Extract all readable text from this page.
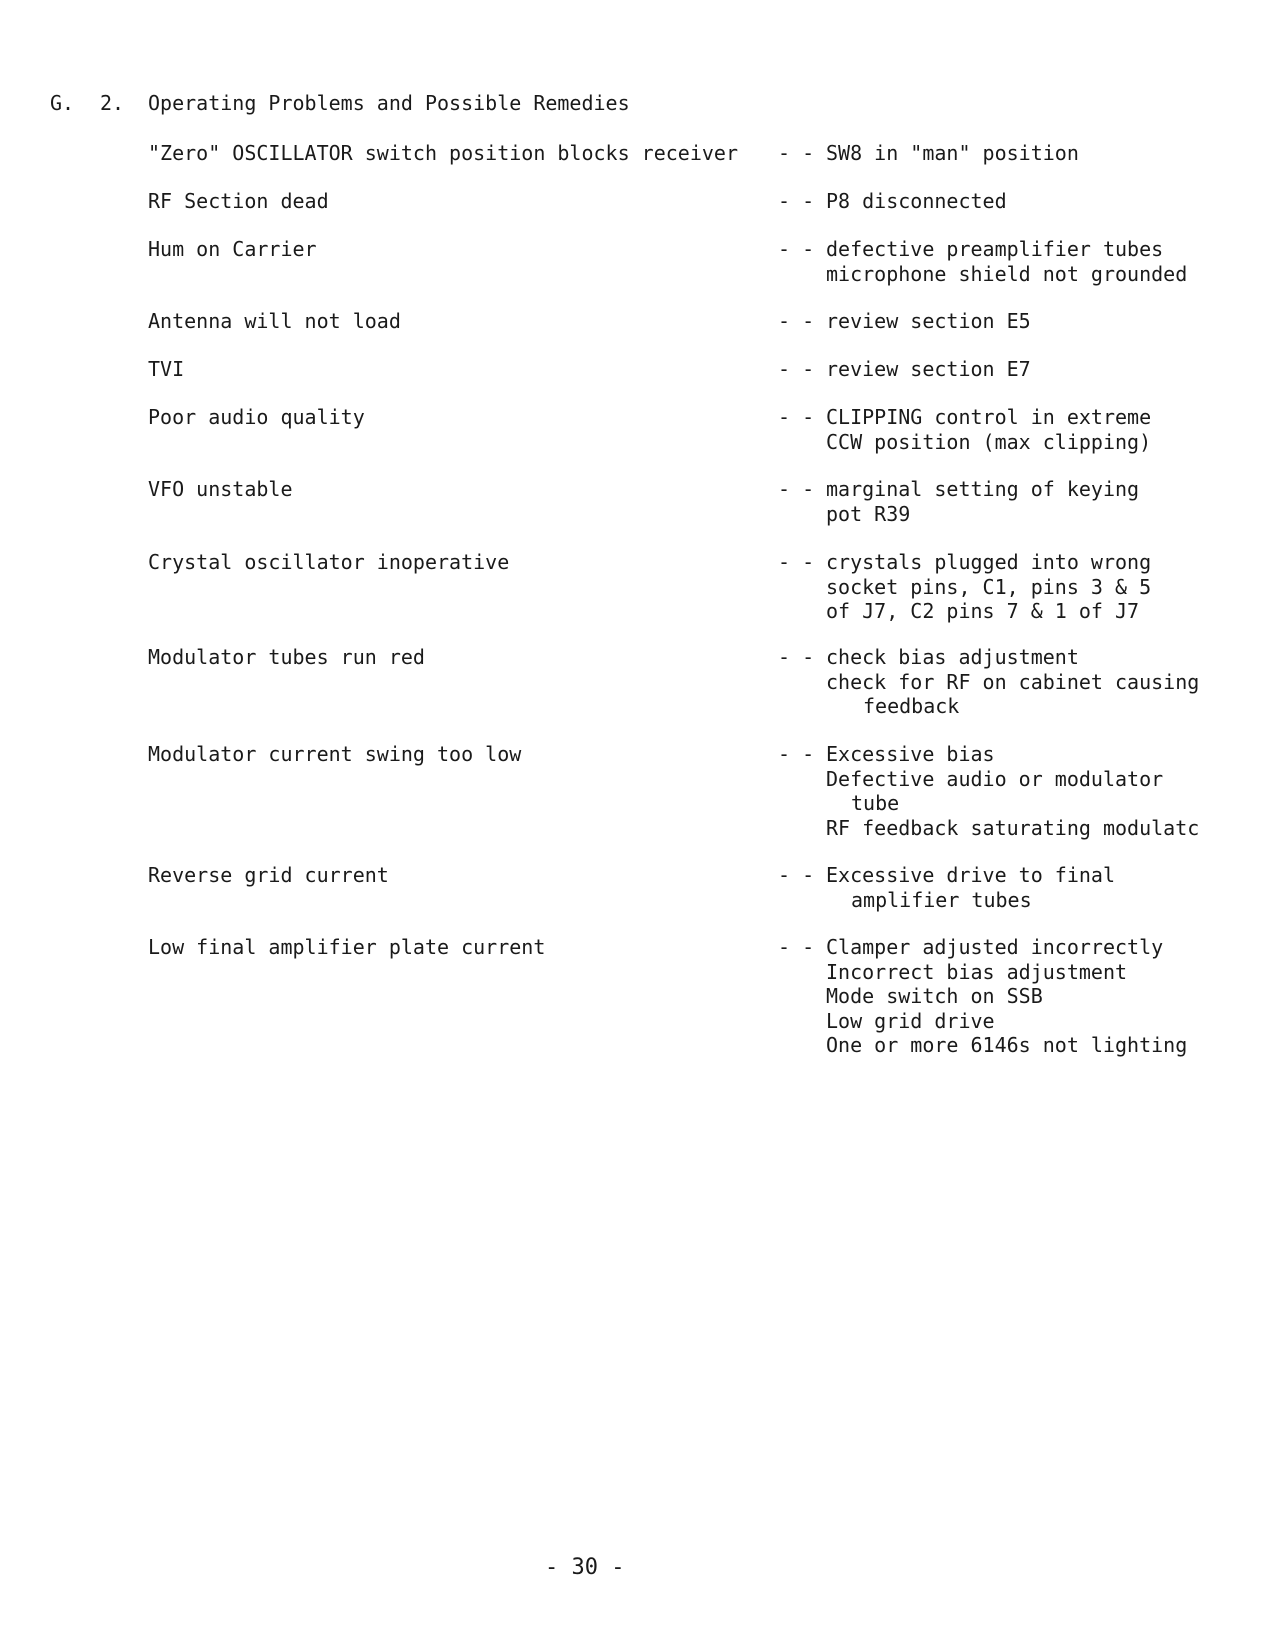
G. 2. Operating Problems and Possible Remedies
"Zero" OSCILLATOR switch position blocks receiver - - SW8 in "man" position
RF Section dead	- - P8 disconnected
Hum on Carrier	- - defective preamplifier tubes
microphone shield not grounded
Antenna will not load	- - review section E5
TVI	- - review section E7
Poor audio quality	- - CLIPPING control in extreme
CCW position (max clipping)
VFO unstable	- - marginal setting of keying
pot R39
Crystal oscillator inoperative	- - crystals plugged into wrong
socket pins, C1, pins 3 & 5
of J7, C2 pins 7 & 1 of J7
Modulator tubes run red	- - check bias adjustment
check for RF on cabinet causing
feedback
Modulator current swing too low	- - Excessive bias
Defective audio or modulator
tube
RF feedback saturating modulatc
Reverse grid current	- - Excessive drive to final
amplifier tubes
Low final amplifier plate current	- - Clamper adjusted incorrectly
Incorrect bias adjustment
Mode switch on SSB
Low grid drive
One or more 6146s not lighting
- 30 -
